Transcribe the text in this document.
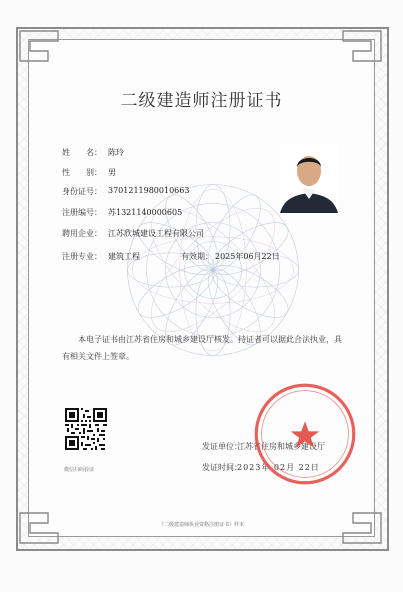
二级建造师注册证书
姓　　名： 陈玲
性　　别： 男
身份证号： 3701211980010663
注册编号： 苏1321140000605
聘用企业： 江苏欣城建设工程有限公司
注册专业： 建筑工程	有效期： 2025年06月22日
本电子证书由江苏省住房和城乡建设厅核发。持证者可以据此合法执业，具有相关文件上签章。
微信扫码验证
发证单位：
江苏省住房和城乡建设厅
发证时间：
2023年 02月 22日
《二级建造师执业资格注册证书》样本
